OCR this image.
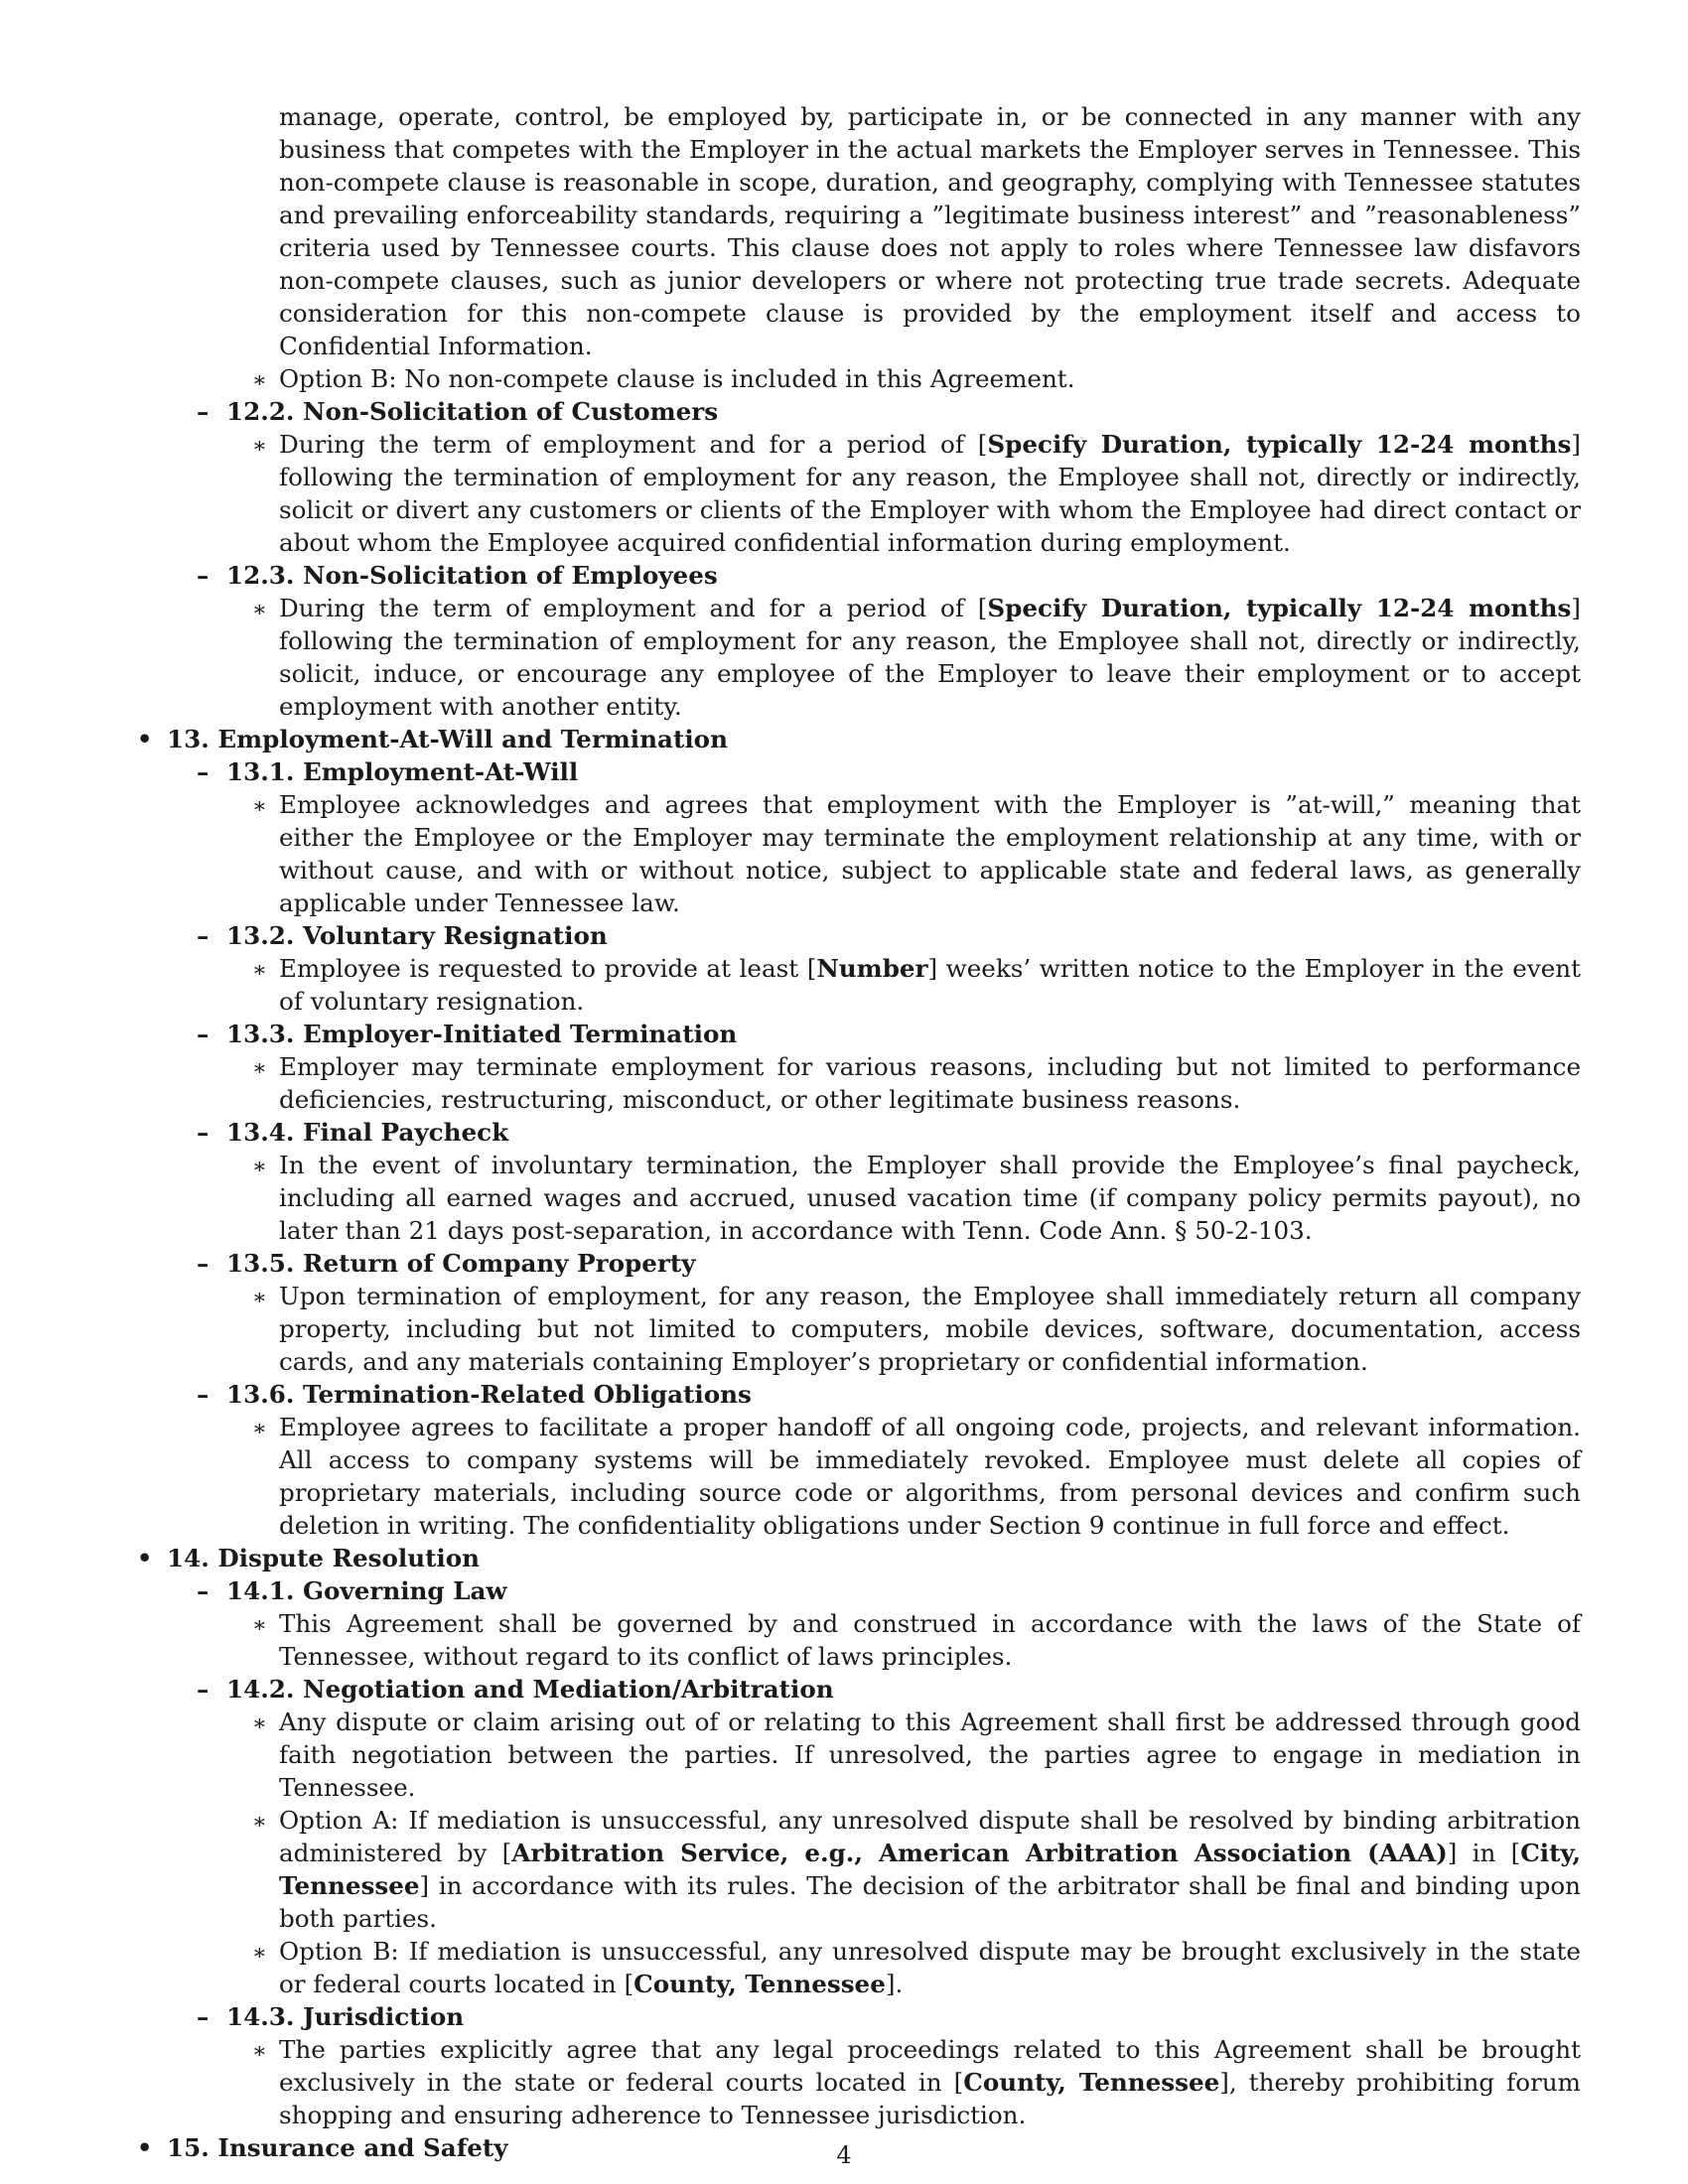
manage, operate, control, be employed by, participate in, or be connected in any manner with any business that competes with the Employer in the actual markets the Employer serves in Tennessee. This non-compete clause is reasonable in scope, duration, and geography, complying with Tennessee statutes and prevailing enforceability standards, requiring a ”legitimate business interest” and ”reasonableness” criteria used by Tennessee courts. This clause does not apply to roles where Tennessee law disfavors non-compete clauses, such as junior developers or where not protecting true trade secrets. Adequate consideration for this non-compete clause is provided by the employment itself and access to Confidential Information.
∗ Option B: No non-compete clause is included in this Agreement.
– 12.2. Non-Solicitation of Customers
∗ During the term of employment and for a period of [Specify Duration, typically 12-24 months] following the termination of employment for any reason, the Employee shall not, directly or indirectly, solicit or divert any customers or clients of the Employer with whom the Employee had direct contact or about whom the Employee acquired confidential information during employment.
– 12.3. Non-Solicitation of Employees
∗ During the term of employment and for a period of [Specify Duration, typically 12-24 months] following the termination of employment for any reason, the Employee shall not, directly or indirectly, solicit, induce, or encourage any employee of the Employer to leave their employment or to accept employment with another entity.
• 13. Employment-At-Will and Termination
– 13.1. Employment-At-Will
∗ Employee acknowledges and agrees that employment with the Employer is ”at-will,” meaning that either the Employee or the Employer may terminate the employment relationship at any time, with or without cause, and with or without notice, subject to applicable state and federal laws, as generally applicable under Tennessee law.
– 13.2. Voluntary Resignation
∗ Employee is requested to provide at least [Number] weeks’ written notice to the Employer in the event of voluntary resignation.
– 13.3. Employer-Initiated Termination
∗ Employer may terminate employment for various reasons, including but not limited to performance deficiencies, restructuring, misconduct, or other legitimate business reasons.
– 13.4. Final Paycheck
∗ In the event of involuntary termination, the Employer shall provide the Employee’s final paycheck, including all earned wages and accrued, unused vacation time (if company policy permits payout), no later than 21 days post-separation, in accordance with Tenn. Code Ann. § 50-2-103.
– 13.5. Return of Company Property
∗ Upon termination of employment, for any reason, the Employee shall immediately return all company property, including but not limited to computers, mobile devices, software, documentation, access cards, and any materials containing Employer’s proprietary or confidential information.
– 13.6. Termination-Related Obligations
∗ Employee agrees to facilitate a proper handoff of all ongoing code, projects, and relevant information. All access to company systems will be immediately revoked. Employee must delete all copies of proprietary materials, including source code or algorithms, from personal devices and confirm such deletion in writing. The confidentiality obligations under Section 9 continue in full force and effect.
• 14. Dispute Resolution
– 14.1. Governing Law
∗ This Agreement shall be governed by and construed in accordance with the laws of the State of Tennessee, without regard to its conflict of laws principles.
– 14.2. Negotiation and Mediation/Arbitration
∗ Any dispute or claim arising out of or relating to this Agreement shall first be addressed through good faith negotiation between the parties. If unresolved, the parties agree to engage in mediation in Tennessee.
∗ Option A: If mediation is unsuccessful, any unresolved dispute shall be resolved by binding arbitration administered by [Arbitration Service, e.g., American Arbitration Association (AAA)] in [City, Tennessee] in accordance with its rules. The decision of the arbitrator shall be final and binding upon both parties.
∗ Option B: If mediation is unsuccessful, any unresolved dispute may be brought exclusively in the state or federal courts located in [County, Tennessee].
– 14.3. Jurisdiction
∗ The parties explicitly agree that any legal proceedings related to this Agreement shall be brought exclusively in the state or federal courts located in [County, Tennessee], thereby prohibiting forum shopping and ensuring adherence to Tennessee jurisdiction.
• 15. Insurance and Safety	4
